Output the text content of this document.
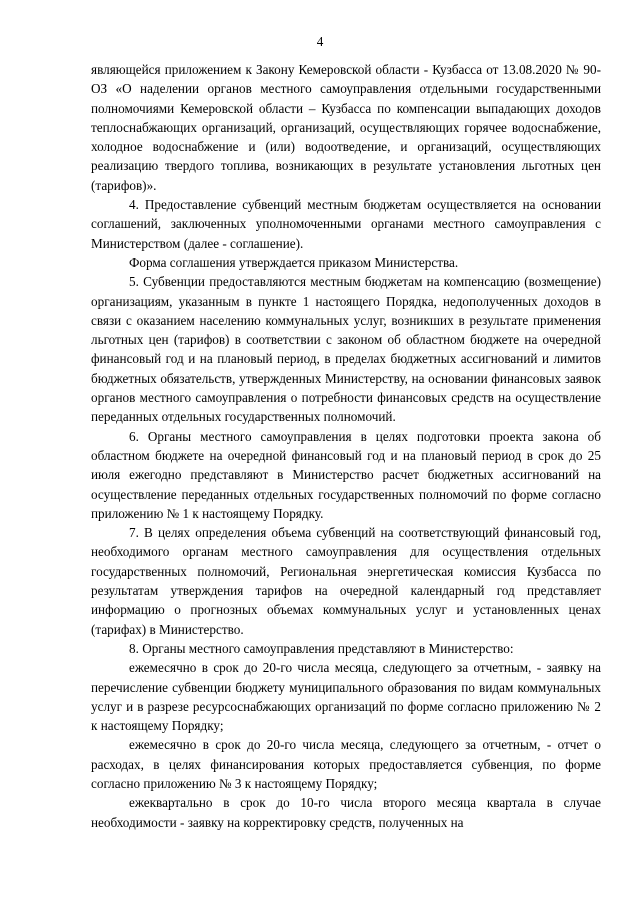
4

являющейся приложением к Закону Кемеровской области - Кузбасса от 13.08.2020 № 90-ОЗ «О наделении органов местного самоуправления отдельными государственными полномочиями Кемеровской области – Кузбасса по компенсации выпадающих доходов теплоснабжающих организаций, организаций, осуществляющих горячее водоснабжение, холодное водоснабжение и (или) водоотведение, и организаций, осуществляющих реализацию твердого топлива, возникающих в результате установления льготных цен (тарифов)».

4. Предоставление субвенций местным бюджетам осуществляется на основании соглашений, заключенных уполномоченными органами местного самоуправления с Министерством (далее - соглашение).

Форма соглашения утверждается приказом Министерства.

5. Субвенции предоставляются местным бюджетам на компенсацию (возмещение) организациям, указанным в пункте 1 настоящего Порядка, недополученных доходов в связи с оказанием населению коммунальных услуг, возникших в результате применения льготных цен (тарифов) в соответствии с законом об областном бюджете на очередной финансовый год и на плановый период, в пределах бюджетных ассигнований и лимитов бюджетных обязательств, утвержденных Министерству, на основании финансовых заявок органов местного самоуправления о потребности финансовых средств на осуществление переданных отдельных государственных полномочий.

6. Органы местного самоуправления в целях подготовки проекта закона об областном бюджете на очередной финансовый год и на плановый период в срок до 25 июля ежегодно представляют в Министерство расчет бюджетных ассигнований на осуществление переданных отдельных государственных полномочий по форме согласно приложению № 1 к настоящему Порядку.

7. В целях определения объема субвенций на соответствующий финансовый год, необходимого органам местного самоуправления для осуществления отдельных государственных полномочий, Региональная энергетическая комиссия Кузбасса по результатам утверждения тарифов на очередной календарный год представляет информацию о прогнозных объемах коммунальных услуг и установленных ценах (тарифах) в Министерство.

8. Органы местного самоуправления представляют в Министерство:

ежемесячно в срок до 20-го числа месяца, следующего за отчетным, - заявку на перечисление субвенции бюджету муниципального образования по видам коммунальных услуг и в разрезе ресурсоснабжающих организаций по форме согласно приложению № 2 к настоящему Порядку;

ежемесячно в срок до 20-го числа месяца, следующего за отчетным, - отчет о расходах, в целях финансирования которых предоставляется субвенция, по форме согласно приложению № 3 к настоящему Порядку;

ежеквартально в срок до 10-го числа второго месяца квартала в случае необходимости - заявку на корректировку средств, полученных на
